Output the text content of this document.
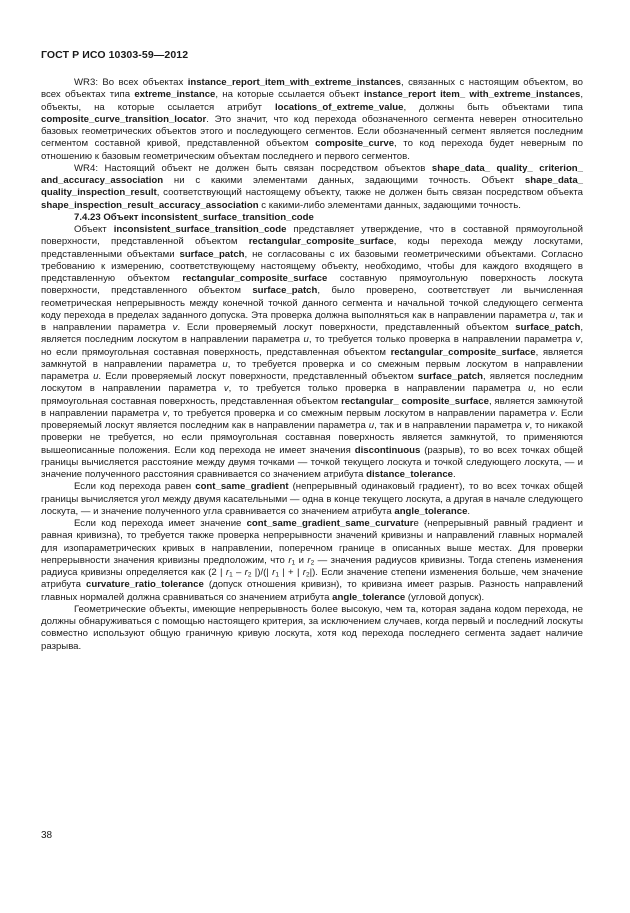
ГОСТ Р ИСО 10303-59—2012

WR3: Во всех объектах instance_report_item_with_extreme_instances, связанных с настоящим объектом, во всех объектах типа extreme_instance, на которые ссылается объект instance_report item_ with_extreme_instances, объекты, на которые ссылается атрибут locations_of_extreme_value, должны быть объектами типа composite_curve_transition_locator. Это значит, что код перехода обозначенного сегмента неверен относительно базовых геометрических объектов этого и последующего сегментов. Если обозначенный сегмент является последним сегментом составной кривой, представленной объектом composite_curve, то код перехода будет неверным по отношению к базовым геометрическим объектам последнего и первого сегментов.

WR4: Настоящий объект не должен быть связан посредством объектов shape_data_ quality_ criterion_ and_accuracy_association ни с какими элементами данных, задающими точность. Объект shape_data_ quality_inspection_result, соответствующий настоящему объекту, также не должен быть связан посредством объекта shape_inspection_result_accuracy_association с какими-либо элементами данных, задающими точность.

7.4.23 Объект inconsistent_surface_transition_code

Объект inconsistent_surface_transition_code представляет утверждение, что в составной прямоугольной поверхности, представленной объектом rectangular_composite_surface, коды перехода между лоскутами, представленными объектами surface_patch, не согласованы с их базовыми геометрическими объектами. Согласно требованию к измерению, соответствующему настоящему объекту, необходимо, чтобы для каждого входящего в представленную объектом rectangular_composite_surface составную прямоугольную поверхность лоскута поверхности, представленного объектом surface_patch, было проверено, соответствует ли вычисленная геометрическая непрерывность между конечной точкой данного сегмента и начальной точкой следующего сегмента коду перехода в пределах заданного допуска. Эта проверка должна выполняться как в направлении параметра u, так и в направлении параметра v. Если проверяемый лоскут поверхности, представленный объектом surface_patch, является последним лоскутом в направлении параметра u, то требуется только проверка в направлении параметра v, но если прямоугольная составная поверхность, представленная объектом rectangular_composite_surface, является замкнутой в направлении параметра u, то требуется проверка и со смежным первым лоскутом в направлении параметра u. Если проверяемый лоскут поверхности, представленный объектом surface_patch, является последним лоскутом в направлении параметра v, то требуется только проверка в направлении параметра u, но если прямоугольная составная поверхность, представленная объектом rectangular_ composite_surface, является замкнутой в направлении параметра v, то требуется проверка и со смежным первым лоскутом в направлении параметра v. Если проверяемый лоскут является последним как в направлении параметра u, так и в направлении параметра v, то никакой проверки не требуется, но если прямоугольная составная поверхность является замкнутой, то применяются вышеописанные положения. Если код перехода не имеет значения discontinuous (разрыв), то во всех точках общей границы вычисляется расстояние между двумя точками — точкой текущего лоскута и точкой следующего лоскута, — и значение полученного расстояния сравнивается со значением атрибута distance_tolerance.

Если код перехода равен cont_same_gradient (непрерывный одинаковый градиент), то во всех точках общей границы вычисляется угол между двумя касательными — одна в конце текущего лоскута, а другая в начале следующего лоскута, — и значение полученного угла сравнивается со значением атрибута angle_tolerance.

Если код перехода имеет значение cont_same_gradient_same_curvature (непрерывный равный градиент и равная кривизна), то требуется также проверка непрерывности значений кривизны и направлений главных нормалей для изопараметрических кривых в направлении, поперечном границе в описанных выше местах. Для проверки непрерывности значения кривизны предположим, что $r_1$ и $r_2$ — значения радиусов кривизны. Тогда степень изменения радиуса кривизны определяется как (2 | $r_1 - r_2$ |)/(| $r_1$ | + | $r_2|$). Если значение степени изменения больше, чем значение атрибута curvature_ratio_tolerance (допуск отношения кривизн), то кривизна имеет разрыв. Разность направлений главных нормалей должна сравниваться со значением атрибута angle_tolerance (угловой допуск).

Геометрические объекты, имеющие непрерывность более высокую, чем та, которая задана кодом перехода, не должны обнаруживаться с помощью настоящего критерия, за исключением случаев, когда первый и последний лоскуты совместно используют общую граничную кривую лоскута, хотя код перехода последнего сегмента задает наличие разрыва.

38
